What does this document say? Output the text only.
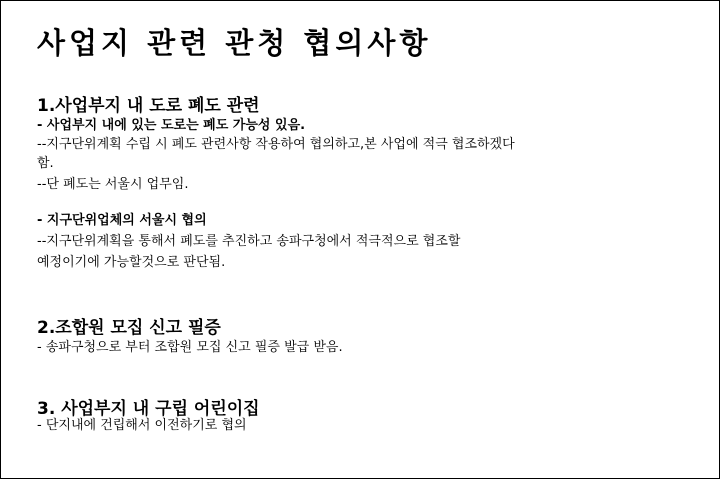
사업지 관련 관청 협의사항
1.사업부지 내 도로 폐도 관련

- 사업부지 내에 있는 도로는 폐도 가능성 있음.

--지구단위계획 수립 시 폐도 관련사항 작용하여 협의하고,본 사업에 적극 협조하겠다

함.

--단 폐도는 서울시 업무임.

- 지구단위업체의 서울시 협의

--지구단위계획을 통해서 폐도를 추진하고 송파구청에서 적극적으로 협조할

예정이기에 가능할것으로 판단됨.

2.조합원 모집 신고 필증

- 송파구청으로 부터 조합원 모집 신고 필증 발급 받음.

3. 사업부지 내 구립 어린이집

- 단지내에 건립해서 이전하기로 협의
